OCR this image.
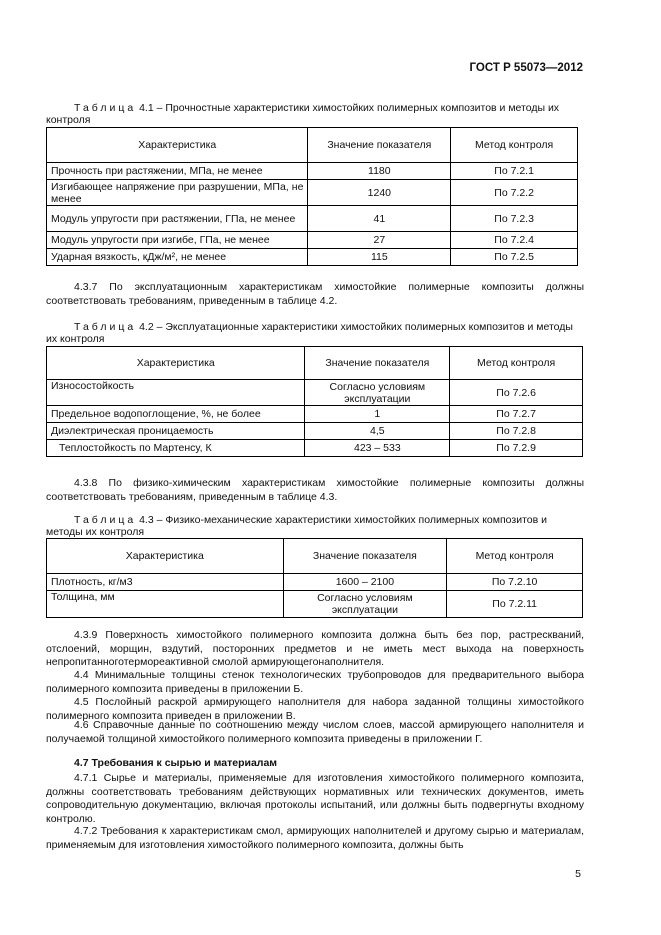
ГОСТ Р 55073—2012
Таблица 4.1 – Прочностные характеристики химостойких полимерных композитов и методы их контроля
Характеристика	Значение показателя	Метод контроля
Прочность при растяжении, МПа, не менее	1180	По 7.2.1
Изгибающее напряжение при разрушении, МПа, не менее	1240	По 7.2.2
Модуль упругости при растяжении, ГПа, не менее	41	По 7.2.3
Модуль упругости при изгибе, ГПа, не менее	27	По 7.2.4
Ударная вязкость, кДж/м², не менее	115	По 7.2.5
4.3.7 По эксплуатационным характеристикам химостойкие полимерные композиты должны соответствовать требованиям, приведенным в таблице 4.2.
Таблица 4.2 – Эксплуатационные характеристики химостойких полимерных композитов и методы их контроля
Характеристика	Значение показателя	Метод контроля
Износостойкость	Согласно условиям эксплуатации	По 7.2.6
Предельное водопоглощение, %, не более	1	По 7.2.7
Диэлектрическая проницаемость	4,5	По 7.2.8
Теплостойкость по Мартенсу, К	423 – 533	По 7.2.9
4.3.8 По физико-химическим характеристикам химостойкие полимерные композиты должны соответствовать требованиям, приведенным в таблице 4.3.
Таблица 4.3 – Физико-механические характеристики химостойких полимерных композитов и методы их контроля
Характеристика	Значение показателя	Метод контроля
Плотность, кг/м3	1600 – 2100	По 7.2.10
Толщина, мм	Согласно условиям эксплуатации	По 7.2.11
4.3.9 Поверхность химостойкого полимерного композита должна быть без пор, растрескваний, отслоений, морщин, вздутий, посторонних предметов и не иметь мест выхода на поверхность непропитанноготермореактивной смолой армирующегонаполнителя.
4.4 Минимальные толщины стенок технологических трубопроводов для предварительного выбора полимерного композита приведены в приложении Б.
4.5 Послойный раскрой армирующего наполнителя для набора заданной толщины химостойкого полимерного композита приведен в приложении В.
4.6 Справочные данные по соотношению между числом слоев, массой армирующего наполнителя и получаемой толщиной химостойкого полимерного композита приведены в приложении Г.
4.7 Требования к сырью и материалам
4.7.1 Сырье и материалы, применяемые для изготовления химостойкого полимерного композита, должны соответствовать требованиям действующих нормативных или технических документов, иметь сопроводительную документацию, включая протоколы испытаний, или должны быть подвергнуты входному контролю.
4.7.2 Требования к характеристикам смол, армирующих наполнителей и другому сырью и материалам, применяемым для изготовления химостойкого полимерного композита, должны быть
5
